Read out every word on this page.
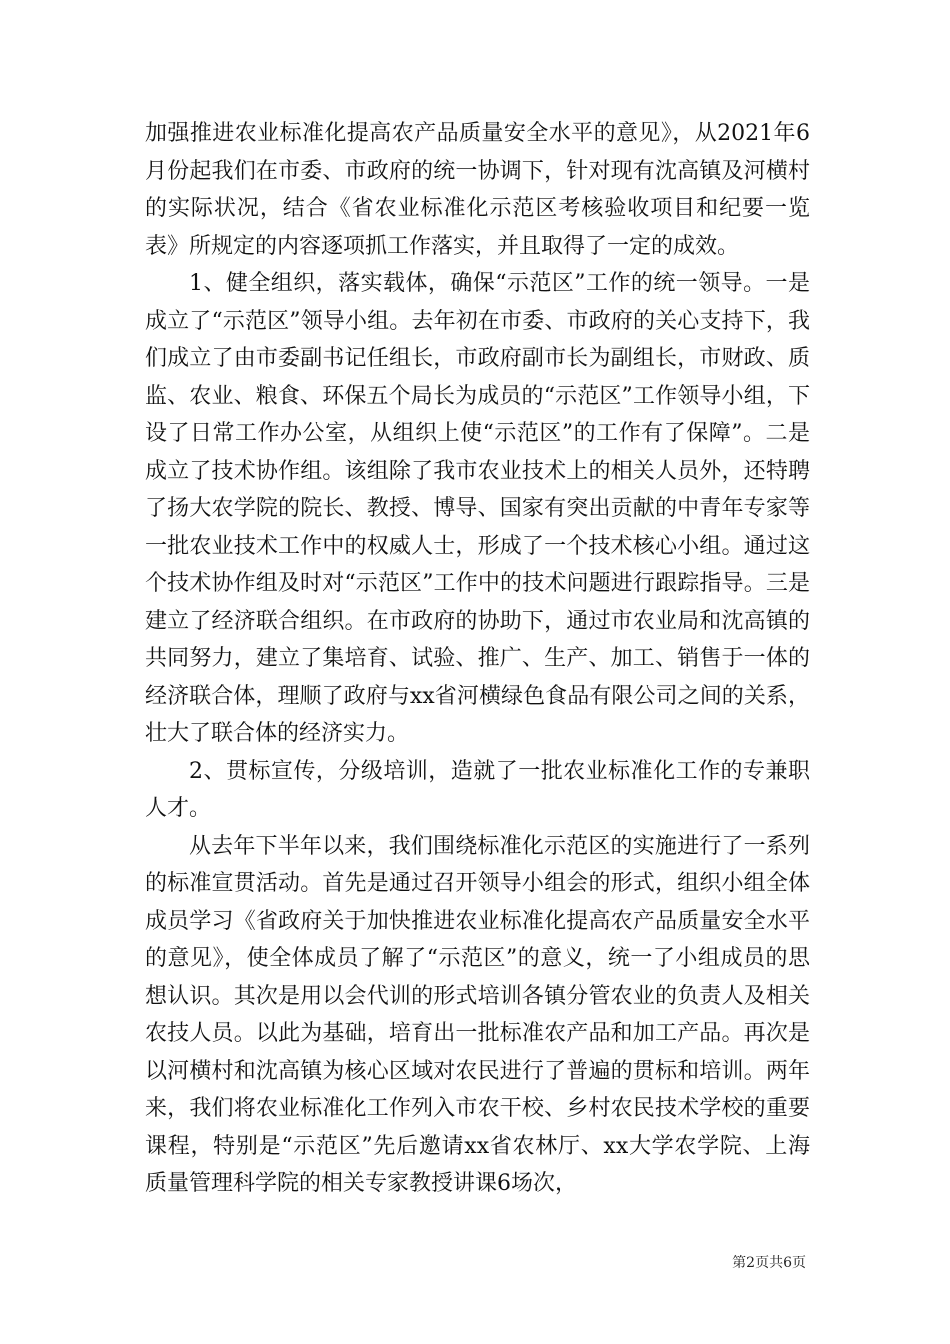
加强推进农业标准化提高农产品质量安全水平的意见》，从2021年6月份起我们在市委、市政府的统一协调下，针对现有沈高镇及河横村的实际状况，结合《省农业标准化示范区考核验收项目和纪要一览表》所规定的内容逐项抓工作落实，并且取得了一定的成效。

1、健全组织，落实载体，确保“示范区”工作的统一领导。一是成立了“示范区”领导小组。去年初在市委、市政府的关心支持下，我们成立了由市委副书记任组长，市政府副市长为副组长，市财政、质监、农业、粮食、环保五个局长为成员的“示范区”工作领导小组，下设了日常工作办公室，从组织上使“示范区”的工作有了保障”。二是成立了技术协作组。该组除了我市农业技术上的相关人员外，还特聘了扬大农学院的院长、教授、博导、国家有突出贡献的中青年专家等一批农业技术工作中的权威人士，形成了一个技术核心小组。通过这个技术协作组及时对“示范区”工作中的技术问题进行跟踪指导。三是建立了经济联合组织。在市政府的协助下，通过市农业局和沈高镇的共同努力，建立了集培育、试验、推广、生产、加工、销售于一体的经济联合体，理顺了政府与xx省河横绿色食品有限公司之间的关系，壮大了联合体的经济实力。

2、贯标宣传，分级培训，造就了一批农业标准化工作的专兼职人才。

从去年下半年以来，我们围绕标准化示范区的实施进行了一系列的标准宣贯活动。首先是通过召开领导小组会的形式，组织小组全体成员学习《省政府关于加快推进农业标准化提高农产品质量安全水平的意见》，使全体成员了解了“示范区”的意义，统一了小组成员的思想认识。其次是用以会代训的形式培训各镇分管农业的负责人及相关农技人员。以此为基础，培育出一批标准农产品和加工产品。再次是以河横村和沈高镇为核心区域对农民进行了普遍的贯标和培训。两年来，我们将农业标准化工作列入市农干校、乡村农民技术学校的重要课程，特别是“示范区”先后邀请xx省农林厅、xx大学农学院、上海质量管理科学院的相关专家教授讲课6场次，

第2页共6页
